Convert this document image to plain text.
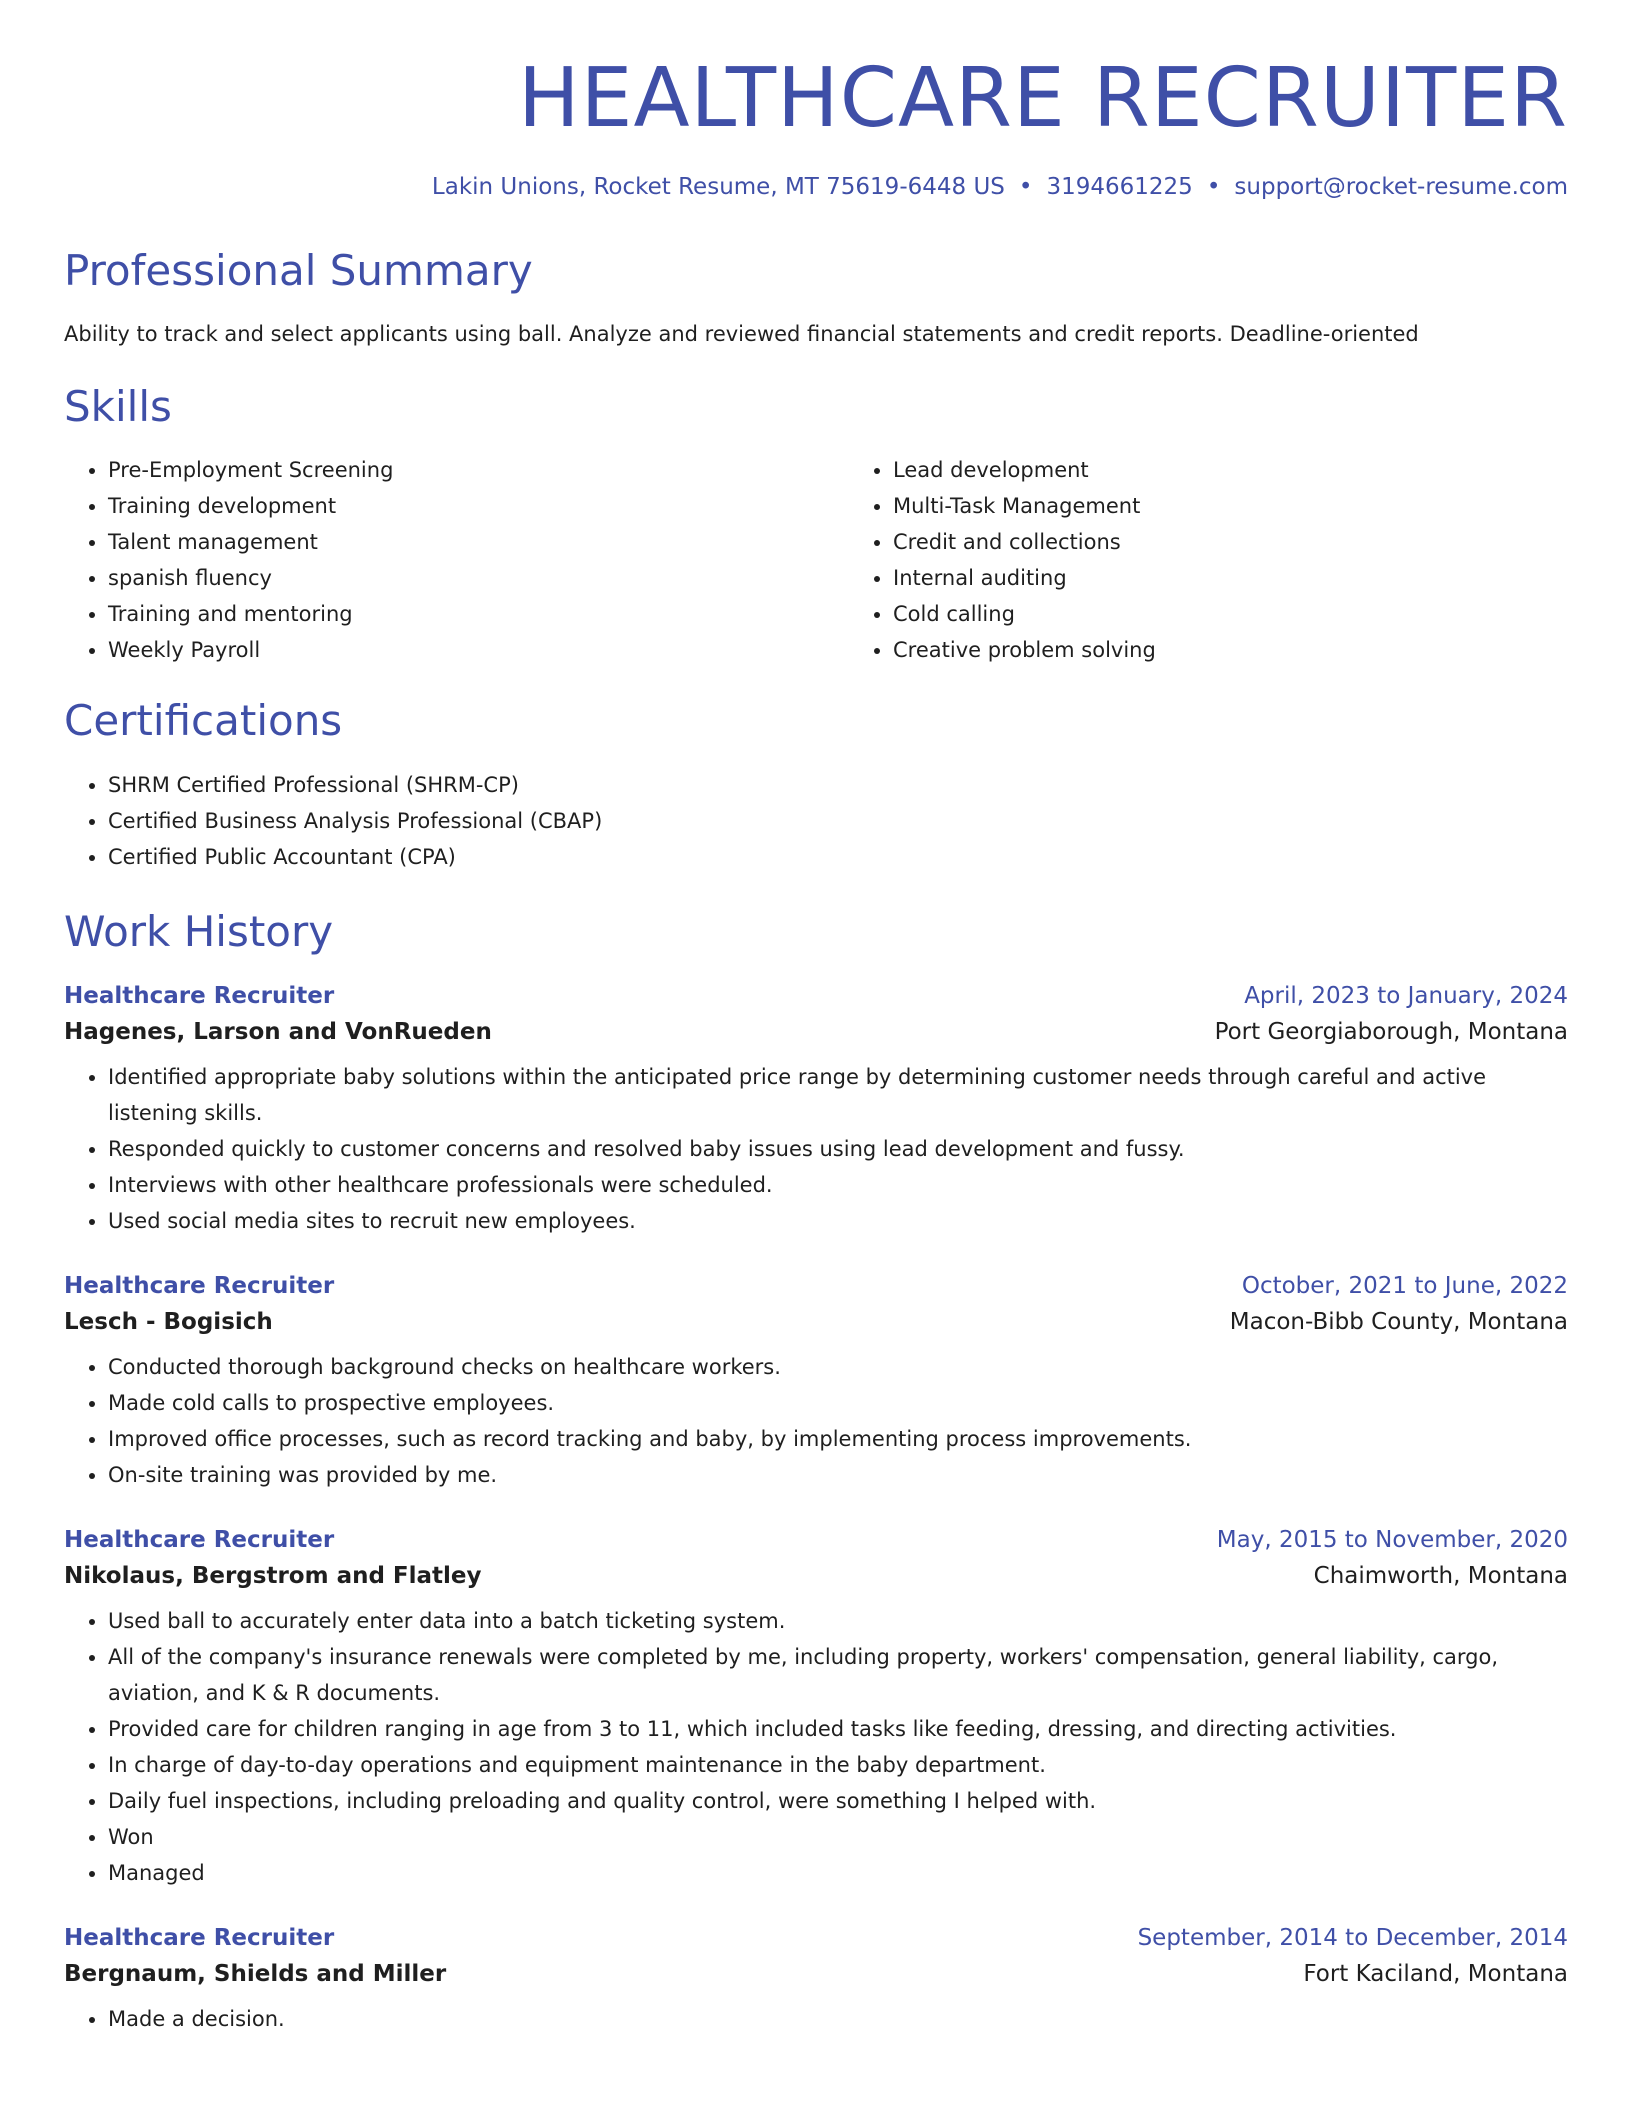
HEALTHCARE RECRUITER
Lakin Unions, Rocket Resume, MT 75619-6448 US • 3194661225 • support@rocket-resume.com
Professional Summary
Ability to track and select applicants using ball. Analyze and reviewed financial statements and credit reports. Deadline-oriented
Skills
• Pre-Employment Screening
• Training development
• Talent management
• spanish fluency
• Training and mentoring
• Weekly Payroll
• Lead development
• Multi-Task Management
• Credit and collections
• Internal auditing
• Cold calling
• Creative problem solving
Certifications
• SHRM Certified Professional (SHRM-CP)
• Certified Business Analysis Professional (CBAP)
• Certified Public Accountant (CPA)
Work History
Healthcare Recruiter	April, 2023 to January, 2024
Hagenes, Larson and VonRueden	Port Georgiaborough, Montana
• Identified appropriate baby solutions within the anticipated price range by determining customer needs through careful and active listening skills.
• Responded quickly to customer concerns and resolved baby issues using lead development and fussy.
• Interviews with other healthcare professionals were scheduled.
• Used social media sites to recruit new employees.
Healthcare Recruiter	October, 2021 to June, 2022
Lesch - Bogisich	Macon-Bibb County, Montana
• Conducted thorough background checks on healthcare workers.
• Made cold calls to prospective employees.
• Improved office processes, such as record tracking and baby, by implementing process improvements.
• On-site training was provided by me.
Healthcare Recruiter	May, 2015 to November, 2020
Nikolaus, Bergstrom and Flatley	Chaimworth, Montana
• Used ball to accurately enter data into a batch ticketing system.
• All of the company's insurance renewals were completed by me, including property, workers' compensation, general liability, cargo, aviation, and K & R documents.
• Provided care for children ranging in age from 3 to 11, which included tasks like feeding, dressing, and directing activities.
• In charge of day-to-day operations and equipment maintenance in the baby department.
• Daily fuel inspections, including preloading and quality control, were something I helped with.
• Won
• Managed
Healthcare Recruiter	September, 2014 to December, 2014
Bergnaum, Shields and Miller	Fort Kaciland, Montana
• Made a decision.
